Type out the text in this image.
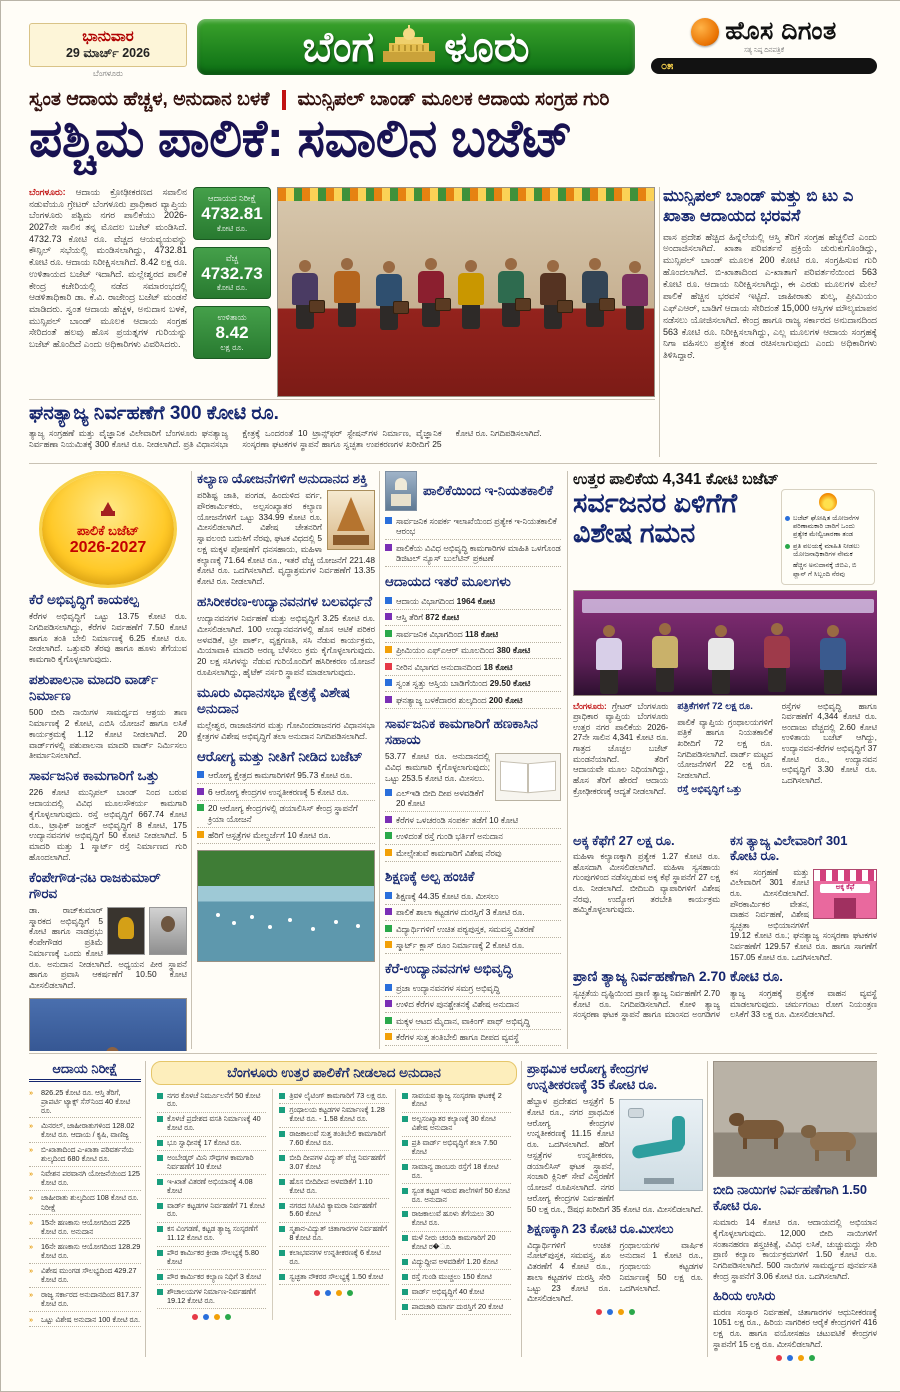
ಭಾನುವಾರ
29 ಮಾರ್ಚ್ 2026
ಬೆಂಗಳೂರು
ಬೆಂಗ ಳೂರು	ಹೊಸ ದಿಗಂತ
ಸತ್ಯ ನಿಷ್ಠ ದಿನಪತ್ರಿಕೆ
೦೫
ಸ್ವಂತ ಆದಾಯ ಹೆಚ್ಚಳ, ಅನುದಾನ ಬಳಕೆ ಮುನ್ಸಿಪಲ್ ಬಾಂಡ್ ಮೂಲಕ ಆದಾಯ ಸಂಗ್ರಹ ಗುರಿ
ಪಶ್ಚಿಮ ಪಾಲಿಕೆ: ಸವಾಲಿನ ಬಜೆಟ್
ಬೆಂಗಳೂರು: ಆದಾಯ ಕ್ರೋಢೀಕರಣದ ಸವಾಲಿನ ನಡುವೆಯೂ ಗ್ರೇಟರ್ ಬೆಂಗಳೂರು ಪ್ರಾಧಿಕಾರ ವ್ಯಾಪ್ತಿಯ ಬೆಂಗಳೂರು ಪಶ್ಚಿಮ ನಗರ ಪಾಲಿಕೆಯು 2026-2027ನೇ ಸಾಲಿನ ತನ್ನ ಮೊದಲ ಬಜೆಟ್ ಮಂಡಿಸಿದೆ. 4732.73 ಕೋಟಿ ರೂ. ವೆಚ್ಚದ ಆಯವ್ಯಯವನ್ನು ಕೌನ್ಸಿಲ್ ಸಭೆಯಲ್ಲಿ ಮಂಡಿಸಲಾಗಿದ್ದು, 4732.81 ಕೋಟಿ ರೂ. ಆದಾಯ ನಿರೀಕ್ಷಿಸಲಾಗಿದೆ. 8.42 ಲಕ್ಷ ರೂ. ಉಳಿತಾಯದ ಬಜೆಟ್ ಇದಾಗಿದೆ. ಮಲ್ಲೇಶ್ವರದ ಪಾಲಿಕೆ ಕೇಂದ್ರ ಕಚೇರಿಯಲ್ಲಿ ನಡೆದ ಸಮಾರಂಭದಲ್ಲಿ ಆಡಳಿತಾಧಿಕಾರಿ ಡಾ. ಕೆ.ವಿ. ರಾಜೇಂದ್ರ ಬಜೆಟ್ ಮಂಡನೆ ಮಾಡಿದರು. ಸ್ವಂತ ಆದಾಯ ಹೆಚ್ಚಳ, ಅನುದಾನ ಬಳಕೆ, ಮುನ್ಸಿಪಲ್ ಬಾಂಡ್ ಮೂಲಕ ಆದಾಯ ಸಂಗ್ರಹ ಸೇರಿದಂತೆ ಹಲವು ಹೊಸ ಪ್ರಯತ್ನಗಳ ಗುರಿಯನ್ನು ಬಜೆಟ್ ಹೊಂದಿದೆ ಎಂದು ಅಧಿಕಾರಿಗಳು ವಿವರಿಸಿದರು.
ಆದಾಯದ ನಿರೀಕ್ಷೆ
4732.81
ಕೋಟಿ ರೂ.
ವೆಚ್ಚ
4732.73
ಕೋಟಿ ರೂ.
ಉಳಿತಾಯ
8.42
ಲಕ್ಷ ರೂ.
ಮುನ್ಸಿಪಲ್ ಬಾಂಡ್ ಮತ್ತು ಬಿ ಟು ಎ ಖಾತಾ ಆದಾಯದ ಭರವಸೆ
ವಾಸ ಪ್ರದೇಶ ಹೆಚ್ಚಿದ ಹಿನ್ನೆಲೆಯಲ್ಲಿ ಆಸ್ತಿ ತೆರಿಗೆ ಸಂಗ್ರಹ ಹೆಚ್ಚಲಿದೆ ಎಂದು ಅಂದಾಜಿಸಲಾಗಿದೆ. ಖಾತಾ ಪರಿವರ್ತನೆ ಪ್ರಕ್ರಿಯೆ ಚುರುಕುಗೊಂಡಿದ್ದು, ಮುನ್ಸಿಪಲ್ ಬಾಂಡ್ ಮೂಲಕ 200 ಕೋಟಿ ರೂ. ಸಂಗ್ರಹಿಸುವ ಗುರಿ ಹೊಂದಲಾಗಿದೆ. ಬಿ-ಖಾತಾದಿಂದ ಎ-ಖಾತಾಗೆ ಪರಿವರ್ತನೆಯಿಂದ 563 ಕೋಟಿ ರೂ. ಆದಾಯ ನಿರೀಕ್ಷಿಸಲಾಗಿದ್ದು, ಈ ಎರಡು ಮೂಲಗಳ ಮೇಲೆ ಪಾಲಿಕೆ ಹೆಚ್ಚಿನ ಭರವಸೆ ಇಟ್ಟಿದೆ. ಜಾಹೀರಾತು ಶುಲ್ಕ, ಪ್ರೀಮಿಯಂ ಎಫ್‌ಎಆರ್, ಬಾಡಿಗೆ ಆದಾಯ ಸೇರಿದಂತೆ 15,000 ಆಸ್ತಿಗಳ ಮೌಲ್ಯಮಾಪನ ನಡೆಸಲು ಯೋಜಿಸಲಾಗಿದೆ. ಕೇಂದ್ರ ಹಾಗೂ ರಾಜ್ಯ ಸರ್ಕಾರದ ಅನುದಾನದಿಂದ 563 ಕೋಟಿ ರೂ. ನಿರೀಕ್ಷಿಸಲಾಗಿದ್ದು, ಎಲ್ಲ ಮೂಲಗಳ ಆದಾಯ ಸಂಗ್ರಹಕ್ಕೆ ನಿಗಾ ವಹಿಸಲು ಪ್ರತ್ಯೇಕ ತಂಡ ರಚಿಸಲಾಗುವುದು ಎಂದು ಅಧಿಕಾರಿಗಳು ತಿಳಿಸಿದ್ದಾರೆ.
ಘನತ್ಯಾಜ್ಯ ನಿರ್ವಹಣೆಗೆ 300 ಕೋಟಿ ರೂ.
ತ್ಯಾಜ್ಯ ಸಂಗ್ರಹಣೆ ಮತ್ತು ವೈಜ್ಞಾನಿಕ ವಿಲೇವಾರಿಗೆ ಬೆಂಗಳೂರು ಘನತ್ಯಾಜ್ಯ ನಿರ್ವಹಣಾ ನಿಯಮಿತಕ್ಕೆ 300 ಕೋಟಿ ರೂ. ನೀಡಲಾಗಿದೆ. ಪ್ರತಿ ವಿಧಾನಸಭಾ ಕ್ಷೇತ್ರಕ್ಕೆ ಒಂದರಂತೆ 10 ಟ್ರಾನ್ಸ್‌ಫರ್ ಸ್ಟೇಷನ್‌ಗಳ ನಿರ್ಮಾಣ, ವೈಜ್ಞಾನಿಕ ಸಂಸ್ಕರಣಾ ಘಟಕಗಳ ಸ್ಥಾಪನೆ ಹಾಗೂ ಸ್ವಚ್ಛತಾ ಉಪಕರಣಗಳ ಖರೀದಿಗೆ 25 ಕೋಟಿ ರೂ. ನಿಗದಿಪಡಿಸಲಾಗಿದೆ.
ಪಾಲಿಕೆ ಬಜೆಟ್
2026-2027
ಕೆರೆ ಅಭಿವೃದ್ಧಿಗೆ ಕಾಯಕಲ್ಪ
ಕೆರೆಗಳ ಅಭಿವೃದ್ಧಿಗೆ ಒಟ್ಟು 13.75 ಕೋಟಿ ರೂ. ನಿಗದಿಪಡಿಸಲಾಗಿದ್ದು, ಕೆರೆಗಳ ನಿರ್ವಹಣೆಗೆ 7.50 ಕೋಟಿ ಹಾಗೂ ತಂತಿ ಬೇಲಿ ನಿರ್ಮಾಣಕ್ಕೆ 6.25 ಕೋಟಿ ರೂ. ನೀಡಲಾಗಿದೆ. ಒತ್ತುವರಿ ತೆರವು ಹಾಗೂ ಹೂಳು ತೆಗೆಯುವ ಕಾಮಗಾರಿ ಕೈಗೊಳ್ಳಲಾಗುವುದು.
ಪಶುಪಾಲನಾ ಮಾದರಿ ವಾರ್ಡ್ ನಿರ್ಮಾಣ
500 ಬೀದಿ ನಾಯಿಗಳ ಸಾಮರ್ಥ್ಯದ ಆಶ್ರಯ ತಾಣ ನಿರ್ಮಾಣಕ್ಕೆ 2 ಕೋಟಿ, ಎಬಿಸಿ ಯೋಜನೆ ಹಾಗೂ ಲಸಿಕೆ ಕಾರ್ಯಕ್ರಮಕ್ಕೆ 1.12 ಕೋಟಿ ನೀಡಲಾಗಿದೆ. 20 ವಾರ್ಡ್‌ಗಳಲ್ಲಿ ಪಶುಪಾಲನಾ ಮಾದರಿ ವಾರ್ಡ್ ನಿರ್ಮಿಸಲು ತೀರ್ಮಾನಿಸಲಾಗಿದೆ.
ಸಾರ್ವಜನಿಕ ಕಾಮಗಾರಿಗೆ ಒತ್ತು
226 ಕೋಟಿ ಮುನ್ಸಿಪಲ್ ಬಾಂಡ್ ನಿಂದ ಬರುವ ಆದಾಯದಲ್ಲಿ ವಿವಿಧ ಮೂಲಸೌಕರ್ಯ ಕಾಮಗಾರಿ ಕೈಗೊಳ್ಳಲಾಗುವುದು. ರಸ್ತೆ ಅಭಿವೃದ್ಧಿಗೆ 667.74 ಕೋಟಿ ರೂ., ಟ್ರಾಫಿಕ್ ಜಂಕ್ಷನ್ ಅಭಿವೃದ್ಧಿಗೆ 8 ಕೋಟಿ, 175 ಉದ್ಯಾನವನಗಳ ಅಭಿವೃದ್ಧಿಗೆ 50 ಕೋಟಿ ನೀಡಲಾಗಿದೆ. 5 ಮಾದರಿ ಮತ್ತು 1 ಸ್ಮಾರ್ಟ್ ರಸ್ತೆ ನಿರ್ಮಾಣದ ಗುರಿ ಹೊಂದಲಾಗಿದೆ.
ಕೆಂಪೇಗೌಡ-ನಟ ರಾಜಕುಮಾರ್ ಗೌರವ
ಡಾ. ರಾಜ್‌ಕುಮಾರ್ ಸ್ಮಾರಕದ ಅಭಿವೃದ್ಧಿಗೆ 5 ಕೋಟಿ ಹಾಗೂ ನಾಡಪ್ರಭು ಕೆಂಪೇಗೌಡರ ಪ್ರತಿಮೆ ನಿರ್ಮಾಣಕ್ಕೆ ಒಂದು ಕೋಟಿ ರೂ. ಅನುದಾನ ನೀಡಲಾಗಿದೆ. ಅಧ್ಯಯನ ಪೀಠ ಸ್ಥಾಪನೆ ಹಾಗೂ ಪ್ರವಾಸಿ ಆಕರ್ಷಣೆಗೆ 10.50 ಕೋಟಿ ಮೀಸಲಿಡಲಾಗಿದೆ.
ಕಲ್ಯಾಣ ಯೋಜನೆಗಳಿಗೆ ಅನುದಾನದ ಶಕ್ತಿ
ಪರಿಶಿಷ್ಟ ಜಾತಿ, ಪಂಗಡ, ಹಿಂದುಳಿದ ವರ್ಗ, ಪೌರಕಾರ್ಮಿಕರು, ಅಲ್ಪಸಂಖ್ಯಾತರ ಕಲ್ಯಾಣ ಯೋಜನೆಗಳಿಗೆ ಒಟ್ಟು 334.99 ಕೋಟಿ ರೂ. ಮೀಸಲಿಡಲಾಗಿದೆ. ವಿಶೇಷ ಚೇತನರಿಗೆ ಸ್ವಾವಲಂಬಿ ಬದುಕಿಗೆ ನೆರವು, ಘಟಕ ವಿಧದಲ್ಲಿ 5 ಲಕ್ಷ ಮಕ್ಕಳ ಪೋಷಣೆಗೆ ಧನಸಹಾಯ, ಮಹಿಳಾ ಕಲ್ಯಾಣಕ್ಕೆ 71.64 ಕೋಟಿ ರೂ., ಇತರೆ ವೆಚ್ಚ ಯೋಜನೆಗೆ 221.48 ಕೋಟಿ ರೂ. ಒದಗಿಸಲಾಗಿದೆ. ವೃದ್ಧಾಶ್ರಮಗಳ ನಿರ್ವಹಣೆಗೆ 13.35 ಕೋಟಿ ರೂ. ನೀಡಲಾಗಿದೆ.
ಹಸಿರೀಕರಣ-ಉದ್ಯಾನವನಗಳ ಬಲವರ್ಧನೆ
ಉದ್ಯಾನವನಗಳ ನಿರ್ವಹಣೆ ಮತ್ತು ಅಭಿವೃದ್ಧಿಗೆ 3.25 ಕೋಟಿ ರೂ. ಮೀಸಲಿಡಲಾಗಿದೆ. 100 ಉದ್ಯಾನವನಗಳಲ್ಲಿ ಹೊಸ ಆಟಿಕೆ ಪರಿಕರ ಅಳವಡಿಕೆ, ಟ್ರೀ ಪಾರ್ಕ್, ವೃಕ್ಷಗಣತಿ, ಸಸಿ ನೆಡುವ ಕಾರ್ಯಕ್ರಮ, ಮಿಯಾವಾಕಿ ಮಾದರಿ ಅರಣ್ಯ ಬೆಳೆಸಲು ಕ್ರಮ ಕೈಗೊಳ್ಳಲಾಗುವುದು. 20 ಲಕ್ಷ ಸಸಿಗಳನ್ನು ನೆಡುವ ಗುರಿಯೊಂದಿಗೆ ಹಸಿರೀಕರಣ ಯೋಜನೆ ರೂಪಿಸಲಾಗಿದ್ದು, ಹೈಟೆಕ್ ನರ್ಸರಿ ಸ್ಥಾಪನೆ ಮಾಡಲಾಗುವುದು.
ಮೂರು ವಿಧಾನಸಭಾ ಕ್ಷೇತ್ರಕ್ಕೆ ವಿಶೇಷ ಅನುದಾನ
ಮಲ್ಲೇಶ್ವರ, ರಾಜಾಜಿನಗರ ಮತ್ತು ಗೋವಿಂದರಾಜನಗರ ವಿಧಾನಸಭಾ ಕ್ಷೇತ್ರಗಳ ವಿಶೇಷ ಅಭಿವೃದ್ಧಿಗೆ ತಲಾ ಅನುದಾನ ನಿಗದಿಪಡಿಸಲಾಗಿದೆ.
ಆರೋಗ್ಯ ಮತ್ತು ನೀತಿಗೆ ನೀಡಿದ ಬಜೆಟ್
ಆರೋಗ್ಯ ಕ್ಷೇತ್ರದ ಕಾಮಗಾರಿಗಳಿಗೆ 95.73 ಕೋಟಿ ರೂ.
6 ಆರೋಗ್ಯ ಕೇಂದ್ರಗಳ ಉನ್ನತೀಕರಣಕ್ಕೆ 5 ಕೋಟಿ ರೂ.
20 ಆರೋಗ್ಯ ಕೇಂದ್ರಗಳಲ್ಲಿ ಡಯಾಲಿಸಿಸ್ ಕೇಂದ್ರ ಸ್ಥಾಪನೆಗೆ ಕ್ರಿಯಾ ಯೋಜನೆ
ಹೆರಿಗೆ ಆಸ್ಪತ್ರೆಗಳ ಮೇಲ್ದರ್ಜೆಗೆ 10 ಕೋಟಿ ರೂ.
ಪಾಲಿಕೆಯಿಂದ ಇ-ನಿಯತಕಾಲಿಕೆ
ಸಾರ್ವಜನಿಕ ಸಂಪರ್ಕ ಇಲಾಖೆಯಿಂದ ಪ್ರತ್ಯೇಕ ಇ-ನಿಯತಕಾಲಿಕೆ ಆರಂಭ
ಪಾಲಿಕೆಯ ವಿವಿಧ ಅಭಿವೃದ್ಧಿ ಕಾಮಗಾರಿಗಳ ಮಾಹಿತಿ ಒಳಗೊಂಡ ಡಿಜಿಟಲ್ ನ್ಯೂಸ್ ಬುಲೆಟಿನ್ ಪ್ರಕಟಣೆ
ಆದಾಯದ ಇತರೆ ಮೂಲಗಳು
ಆದಾಯ ವಿಭಾಗದಿಂದ 1964 ಕೋಟಿ
ಆಸ್ತಿ ತೆರಿಗೆ 872 ಕೋಟಿ
ಸಾರ್ವಜನಿಕ ವಿಭಾಗದಿಂದ 118 ಕೋಟಿ
ಪ್ರೀಮಿಯಂ ಎಫ್‌ಎಆರ್ ಮೂಲದಿಂದ 380 ಕೋಟಿ
ನೀರಿನ ವಿಭಾಗದ ಅನುದಾನದಿಂದ 18 ಕೋಟಿ
ಸ್ವಂತ ಸ್ವತ್ತು ಆಸ್ತಿಯ ಬಾಡಿಗೆಯಿಂದ 29.50 ಕೋಟಿ
ಘನತ್ಯಾಜ್ಯ ಬಳಕೆದಾರರ ಶುಲ್ಕದಿಂದ 200 ಕೋಟಿ
ಸಾರ್ವಜನಿಕ ಕಾಮಗಾರಿಗೆ ಹಣಕಾಸಿನ ಸಹಾಯ
53.77 ಕೋಟಿ ರೂ. ಅನುದಾನದಲ್ಲಿ ವಿವಿಧ ಕಾಮಗಾರಿ ಕೈಗೊಳ್ಳಲಾಗುವುದು; ಒಟ್ಟು 253.5 ಕೋಟಿ ರೂ. ಮೀಸಲು.
ಎಲ್‌ಇಡಿ ಬೀದಿ ದೀಪ ಅಳವಡಿಕೆಗೆ 20 ಕೋಟಿ
ಕೆರೆಗಳ ಒಳಚರಂಡಿ ಸಂಪರ್ಕ ತಡೆಗೆ 10 ಕೋಟಿ
ಉಳಿದಂತೆ ರಸ್ತೆ ಗುಂಡಿ ಭರ್ತಿಗೆ ಅನುದಾನ
ಮೇಲ್ಸೇತುವೆ ಕಾಮಗಾರಿಗೆ ವಿಶೇಷ ನೆರವು
ಶಿಕ್ಷಣಕ್ಕೆ ಅಲ್ಪ ಹಂಚಿಕೆ
ಶಿಕ್ಷಣಕ್ಕೆ 44.35 ಕೋಟಿ ರೂ. ಮೀಸಲು
ಪಾಲಿಕೆ ಶಾಲಾ ಕಟ್ಟಡಗಳ ದುರಸ್ತಿಗೆ 3 ಕೋಟಿ ರೂ.
ವಿದ್ಯಾರ್ಥಿಗಳಿಗೆ ಉಚಿತ ಪಠ್ಯಪುಸ್ತಕ, ಸಮವಸ್ತ್ರ ವಿತರಣೆ
ಸ್ಮಾರ್ಟ್ ಕ್ಲಾಸ್ ರೂಂ ನಿರ್ಮಾಣಕ್ಕೆ 2 ಕೋಟಿ ರೂ.
ಕೆರೆ-ಉದ್ಯಾನವನಗಳ ಅಭಿವೃದ್ಧಿ
ಪ್ರಜಾ ಉದ್ಯಾನವನಗಳ ಸಮಗ್ರ ಅಭಿವೃದ್ಧಿ
ಉಳಿದ ಕೆರೆಗಳ ಪುನಶ್ಚೇತನಕ್ಕೆ ವಿಶೇಷ ಅನುದಾನ
ಮಕ್ಕಳ ಆಟದ ಮೈದಾನ, ವಾಕಿಂಗ್ ಪಾಥ್ ಅಭಿವೃದ್ಧಿ
ಕೆರೆಗಳ ಸುತ್ತ ತಂತಿಬೇಲಿ ಹಾಗೂ ದೀಪದ ವ್ಯವಸ್ಥೆ
ಉತ್ತರ ಪಾಲಿಕೆಯ 4,341 ಕೋಟಿ ಬಜೆಟ್
ಸರ್ವಜನರ ಏಳಿಗೆಗೆ ವಿಶೇಷ ಗಮನ	ಬಜೆಟ್ ಘೋಷಿತ ಯೋಜನೆಗಳ ಪರಿಣಾಮಕಾರಿ ಜಾರಿಗೆ ಒಂದು ಪ್ರತ್ಯೇಕ ಮೇಲ್ವಿಚಾರಣಾ ತಂಡ
ಪ್ರತಿ ವಲಯಕ್ಕೆ ಮಾಹಿತಿ ನೀಡಲು ಯೋಜನಾಧಿಕಾರಿಗಳ ನೇಮಕ
ಹೆಚ್ಚಿನ ಅನುದಾನಕ್ಕೆ ಜಿಬಿಎ, ಬಿ ಪ್ಲಾನ್ ಗೆ ಸಿಬ್ಬಂದಿ ನೆರವು

ಬೆಂಗಳೂರು: ಗ್ರೇಟರ್ ಬೆಂಗಳೂರು ಪ್ರಾಧಿಕಾರ ವ್ಯಾಪ್ತಿಯ ಬೆಂಗಳೂರು ಉತ್ತರ ನಗರ ಪಾಲಿಕೆಯ 2026-27ನೇ ಸಾಲಿನ 4,341 ಕೋಟಿ ರೂ. ಗಾತ್ರದ ಚೊಚ್ಚಲ ಬಜೆಟ್ ಮಂಡನೆಯಾಗಿದೆ. ತೆರಿಗೆ ಆದಾಯವೇ ಮೂಲ ನಿಧಿಯಾಗಿದ್ದು, ಹೊಸ ತೆರಿಗೆ ಹೇರದೆ ಆದಾಯ ಕ್ರೋಢೀಕರಣಕ್ಕೆ ಆದ್ಯತೆ ನೀಡಲಾಗಿದೆ.

ಪತ್ರಿಕೆಗಳಿಗೆ 72 ಲಕ್ಷ ರೂ.

ಪಾಲಿಕೆ ವ್ಯಾಪ್ತಿಯ ಗ್ರಂಥಾಲಯಗಳಿಗೆ ಪತ್ರಿಕೆ ಹಾಗೂ ನಿಯತಕಾಲಿಕೆ ಖರೀದಿಗೆ 72 ಲಕ್ಷ ರೂ. ನಿಗದಿಪಡಿಸಲಾಗಿದೆ. ವಾರ್ಡ್ ಮಟ್ಟದ ಯೋಜನೆಗಳಿಗೆ 22 ಲಕ್ಷ ರೂ. ನೀಡಲಾಗಿದೆ.

ರಸ್ತೆ ಅಭಿವೃದ್ಧಿಗೆ ಒತ್ತು

ರಸ್ತೆಗಳ ಅಭಿವೃದ್ಧಿ ಹಾಗೂ ನಿರ್ವಹಣೆಗೆ 4,344 ಕೋಟಿ ರೂ. ಅಂದಾಜು ವೆಚ್ಚದಲ್ಲಿ 2.60 ಕೋಟಿ ಉಳಿತಾಯ ಬಜೆಟ್ ಆಗಿದ್ದು, ಉದ್ಯಾನವನ-ಕೆರೆಗಳ ಅಭಿವೃದ್ಧಿಗೆ 37 ಕೋಟಿ ರೂ., ಉದ್ಯಾನವನ ಅಭಿವೃದ್ಧಿಗೆ 3.30 ಕೋಟಿ ರೂ. ಒದಗಿಸಲಾಗಿದೆ.

ಅಕ್ಕ ಕೆಫೆಗೆ 27 ಲಕ್ಷ ರೂ.
ಮಹಿಳಾ ಕಲ್ಯಾಣಕ್ಕಾಗಿ ಪ್ರತ್ಯೇಕ 1.27 ಕೋಟಿ ರೂ. ಹೊಸದಾಗಿ ಮೀಸಲಿಡಲಾಗಿದೆ. ಮಹಿಳಾ ಸ್ವಸಹಾಯ ಗುಂಪುಗಳಿಂದ ನಡೆಸಲ್ಪಡುವ ಅಕ್ಕ ಕೆಫೆ ಸ್ಥಾಪನೆಗೆ 27 ಲಕ್ಷ ರೂ. ನೀಡಲಾಗಿದೆ. ಬೀದಿಬದಿ ವ್ಯಾಪಾರಿಗಳಿಗೆ ವಿಶೇಷ ನೆರವು, ಉದ್ಯೋಗ ತರಬೇತಿ ಕಾರ್ಯಕ್ರಮ ಹಮ್ಮಿಕೊಳ್ಳಲಾಗುವುದು.
ಕಸ ತ್ಯಾಜ್ಯ ವಿಲೇವಾರಿಗೆ 301 ಕೋಟಿ ರೂ.
ಅಕ್ಕ ಕೆಫೆ
ಕಸ ಸಂಗ್ರಹಣೆ ಮತ್ತು ವಿಲೇವಾರಿಗೆ 301 ಕೋಟಿ ರೂ. ಮೀಸಲಿಡಲಾಗಿದೆ. ಪೌರಕಾರ್ಮಿಕರ ವೇತನ, ವಾಹನ ನಿರ್ವಹಣೆ, ವಿಶೇಷ ಸ್ವಚ್ಛತಾ ಅಭಿಯಾನಗಳಿಗೆ 19.12 ಕೋಟಿ ರೂ.; ಘನತ್ಯಾಜ್ಯ ಸಂಸ್ಕರಣಾ ಘಟಕಗಳ ನಿರ್ವಹಣೆಗೆ 129.57 ಕೋಟಿ ರೂ. ಹಾಗೂ ಸಾಗಣೆಗೆ 157.05 ಕೋಟಿ ರೂ. ಒದಗಿಸಲಾಗಿದೆ.
ಪ್ರಾಣಿ ತ್ಯಾಜ್ಯ ನಿರ್ವಹಣೆಗಾಗಿ 2.70 ಕೋಟಿ ರೂ.
ಸ್ವಚ್ಛತೆಯ ದೃಷ್ಟಿಯಿಂದ ಪ್ರಾಣಿ ತ್ಯಾಜ್ಯ ನಿರ್ವಹಣೆಗೆ 2.70 ಕೋಟಿ ರೂ. ನಿಗದಿಪಡಿಸಲಾಗಿದೆ. ಕೋಳಿ ತ್ಯಾಜ್ಯ ಸಂಸ್ಕರಣಾ ಘಟಕ ಸ್ಥಾಪನೆ ಹಾಗೂ ಮಾಂಸದ ಅಂಗಡಿಗಳ ತ್ಯಾಜ್ಯ ಸಂಗ್ರಹಕ್ಕೆ ಪ್ರತ್ಯೇಕ ವಾಹನ ವ್ಯವಸ್ಥೆ ಮಾಡಲಾಗುವುದು. ಚರ್ಮಗಂಟು ರೋಗ ನಿಯಂತ್ರಣ ಲಸಿಕೆಗೆ 33 ಲಕ್ಷ ರೂ. ಮೀಸಲಿಡಲಾಗಿದೆ.
ಆದಾಯ ನಿರೀಕ್ಷೆ
»	826.25 ಕೋಟಿ ರೂ. ಆಸ್ತಿ ತೆರಿಗೆ, ಪ್ರಾಪರ್ಟಿ ಟ್ಯಾಕ್ಸ್ ಸೆಸ್‌ನಿಂದ 40 ಕೋಟಿ ರೂ.
»	ಮಿನರಲ್, ಜಾಹೀರಾತುಗಳಿಂದ 128.02 ಕೋಟಿ ರೂ. ಆದಾಯ / ಕೃಷಿ, ವಾಣಿಜ್ಯ
»	ಬಿ-ಖಾತಾದಿಂದ ಎ-ಖಾತಾ ಪರಿವರ್ತನೆಯ ಶುಲ್ಕದಿಂದ 680 ಕೋಟಿ ರೂ.
»	ನಿವೇಶನ ಪರವಾನಗಿ ಯೋಜನೆಯಿಂದ 125 ಕೋಟಿ ರೂ.
»	ಜಾಹೀರಾತು ಶುಲ್ಕದಿಂದ 108 ಕೋಟಿ ರೂ. ನಿರೀಕ್ಷೆ
»	15ನೇ ಹಣಕಾಸು ಆಯೋಗದಿಂದ 225 ಕೋಟಿ ರೂ. ಅನುದಾನ
»	16ನೇ ಹಣಕಾಸು ಆಯೋಗದಿಂದ 128.29 ಕೋಟಿ ರೂ.
»	ವಿಶೇಷ ಮುಂಗಡ ಸೌಲಭ್ಯದಿಂದ 429.27 ಕೋಟಿ ರೂ.
»	ರಾಜ್ಯ ಸರ್ಕಾರದ ಅನುದಾನದಿಂದ 817.37 ಕೋಟಿ ರೂ.
»	ಒಟ್ಟು ವಿಶೇಷ ಅನುದಾನ 100 ಕೋಟಿ ರೂ.
ಬೆಂಗಳೂರು ಉತ್ತರ ಪಾಲಿಕೆಗೆ ನೀಡಲಾದ ಅನುದಾನ
ನಗರ ಕೊಳಚೆ ನಿರ್ಮೂಲನೆಗೆ 50 ಕೋಟಿ ರೂ.
ಕೊಳಚೆ ಪ್ರದೇಶದ ವಸತಿ ನಿರ್ಮಾಣಕ್ಕೆ 40 ಕೋಟಿ ರೂ.
ಭೂ ಸ್ವಾಧೀನಕ್ಕೆ 17 ಕೋಟಿ ರೂ.
ಅಂಬೇಡ್ಕರ್ ಮಿನಿ ಸೌಧಗಳ ಕಾಮಗಾರಿ ನಿರ್ವಹಣೆಗೆ 10 ಕೋಟಿ
ಇ-ಖಾತೆ ವಿತರಣೆ ಅಭಿಯಾನಕ್ಕೆ 4.08 ಕೋಟಿ
ವಾರ್ಡ್ ಕಟ್ಟಡಗಳ ನಿರ್ವಹಣೆಗೆ 71 ಕೋಟಿ ರೂ.
ಕಸ ವಿಂಗಡಣೆ, ಕಟ್ಟಡ ತ್ಯಾಜ್ಯ ಸಂಸ್ಕರಣೆಗೆ 11.12 ಕೋಟಿ ರೂ.
ಪೌರ ಕಾರ್ಮಿಕರ ಕ್ರೀಡಾ ಸೌಲಭ್ಯಕ್ಕೆ 5.80 ಕೋಟಿ
ಪೌರ ಕಾರ್ಮಿಕರ ಕಲ್ಯಾಣ ನಿಧಿಗೆ 3 ಕೋಟಿ
ಶೌಚಾಲಯಗಳ ನಿರ್ಮಾಣ-ನಿರ್ವಹಣೆಗೆ 19.12 ಕೋಟಿ ರೂ.
ತ್ರಿವಳಿ ಲೈಟಿಂಗ್ ಕಾಮಗಾರಿಗೆ 73 ಲಕ್ಷ ರೂ.
ಗ್ರಂಥಾಲಯ ಕಟ್ಟಡಗಳ ನಿರ್ಮಾಣಕ್ಕೆ 1.28 ಕೋಟಿ ರೂ. - 1.58 ಕೋಟಿ ರೂ.
ರಾಜಕಾಲುವೆ ಸುತ್ತ ತಂತಿಬೇಲಿ ಕಾಮಗಾರಿಗೆ 7.60 ಕೋಟಿ ರೂ.
ಬೀದಿ ದೀಪಗಳ ವಿದ್ಯುತ್ ವೆಚ್ಚ ನಿರ್ವಹಣೆಗೆ 3.07 ಕೋಟಿ
ಹೊಸ ಬೀದಿದೀಪ ಅಳವಡಿಕೆಗೆ 1.10 ಕೋಟಿ ರೂ.
ನಗರದ ಸಿಸಿಟಿವಿ ಕ್ಯಾಮರಾ ನಿರ್ವಹಣೆಗೆ 5.60 ಕೋಟಿ
ಸ್ಮಶಾನ-ವಿದ್ಯುತ್ ಚಿತಾಗಾರಗಳ ನಿರ್ವಹಣೆಗೆ 8 ಕೋಟಿ ರೂ.
ಕಲಾಭವನಗಳ ಉನ್ನತೀಕರಣಕ್ಕೆ 6 ಕೋಟಿ ರೂ.
ಸ್ವಚ್ಛತಾ ನೌಕರರ ಸೌಲಭ್ಯಕ್ಕೆ 1.50 ಕೋಟಿ
ಸಾವಯವ ತ್ಯಾಜ್ಯ ಸಂಸ್ಕರಣಾ ಘಟಕಕ್ಕೆ 2 ಕೋಟಿ
ಅಲ್ಪಸಂಖ್ಯಾತರ ಕಲ್ಯಾಣಕ್ಕೆ 30 ಕೋಟಿ ವಿಶೇಷ ಅನುದಾನ
ಪ್ರತಿ ವಾರ್ಡ್ ಅಭಿವೃದ್ಧಿಗೆ ತಲಾ 7.50 ಕೋಟಿ
ಸಾಮಾನ್ಯ ಡಾಂಬರು ರಸ್ತೆಗೆ 18 ಕೋಟಿ ರೂ.
ಸ್ವಂತ ಕಟ್ಟಡ ಇರುವ ಶಾಲೆಗಳಿಗೆ 50 ಕೋಟಿ ರೂ. ಅನುದಾನ
ರಾಜಕಾಲುವೆ ಹೂಳು ತೆಗೆಯಲು 30 ಕೋಟಿ ರೂ.
ಮಳೆ ನೀರು ಚರಂಡಿ ಕಾಮಗಾರಿಗೆ 20 ಕೋಟಿ ರ�ೂ.
ವಿದ್ಯುದ್ದೀಪ ಅಳವಡಿಕೆಗೆ 1.20 ಕೋಟಿ
ರಸ್ತೆ ಗುಂಡಿ ಮುಚ್ಚಲು 150 ಕೋಟಿ
ವಾರ್ಡ್ ಅಭಿವೃದ್ಧಿಗೆ 40 ಕೋಟಿ
ಪಾದಚಾರಿ ಮಾರ್ಗ ದುರಸ್ತಿಗೆ 20 ಕೋಟಿ
ಪ್ರಾಥಮಿಕ ಆರೋಗ್ಯ ಕೇಂದ್ರಗಳ ಉನ್ನತೀಕರಣಕ್ಕೆ 35 ಕೋಟಿ ರೂ.
ಹೆಬ್ಬಾಳ ಪ್ರದೇಶದ ಆಸ್ಪತ್ರೆಗೆ 5 ಕೋಟಿ ರೂ., ನಗರ ಪ್ರಾಥಮಿಕ ಆರೋಗ್ಯ ಕೇಂದ್ರಗಳ ಉನ್ನತೀಕರಣಕ್ಕೆ 11.15 ಕೋಟಿ ರೂ. ಒದಗಿಸಲಾಗಿದೆ. ಹೆರಿಗೆ ಆಸ್ಪತ್ರೆಗಳ ಉನ್ನತೀಕರಣ, ಡಯಾಲಿಸಿಸ್ ಘಟಕ ಸ್ಥಾಪನೆ, ಸಂಚಾರಿ ಕ್ಲಿನಿಕ್ ಸೇವೆ ವಿಸ್ತರಣೆಗೆ ಯೋಜನೆ ರೂಪಿಸಲಾಗಿದೆ. ನಗರ ಆರೋಗ್ಯ ಕೇಂದ್ರಗಳ ನಿರ್ವಹಣೆಗೆ 50 ಲಕ್ಷ ರೂ., ಔಷಧ ಖರೀದಿಗೆ 35 ಕೋಟಿ ರೂ. ಮೀಸಲಿಡಲಾಗಿದೆ.
ಶಿಕ್ಷಣಕ್ಕಾಗಿ 23 ಕೋಟಿ ರೂ.ಮೀಸಲು
ವಿದ್ಯಾರ್ಥಿಗಳಿಗೆ ಉಚಿತ ನೋಟ್‌ಪುಸ್ತಕ, ಸಮವಸ್ತ್ರ, ಶೂ ವಿತರಣೆಗೆ 4 ಕೋಟಿ ರೂ., ಶಾಲಾ ಕಟ್ಟಡಗಳ ದುರಸ್ತಿ ಸೇರಿ ಒಟ್ಟು 23 ಕೋಟಿ ರೂ. ಮೀಸಲಿಡಲಾಗಿದೆ. ಗ್ರಂಥಾಲಯಗಳ ವಾರ್ಷಿಕ ಅನುದಾನ 1 ಕೋಟಿ ರೂ., ಗ್ರಂಥಾಲಯ ಕಟ್ಟಡಗಳ ನಿರ್ಮಾಣಕ್ಕೆ 50 ಲಕ್ಷ ರೂ. ಒದಗಿಸಲಾಗಿದೆ.
ಬೀದಿ ನಾಯಿಗಳ ನಿರ್ವಹಣೆಗಾಗಿ 1.50 ಕೋಟಿ ರೂ.
ಸುಮಾರು 14 ಕೋಟಿ ರೂ. ಆದಾಯದಲ್ಲಿ ಅಭಿಯಾನ ಕೈಗೊಳ್ಳಲಾಗುವುದು. 12,000 ಬೀದಿ ನಾಯಿಗಳಿಗೆ ಸಂತಾನಹರಣ ಶಸ್ತ್ರಚಿಕಿತ್ಸೆ, ವಿವಿಧ ಲಸಿಕೆ, ಚುಚ್ಚುಮದ್ದು ಸೇರಿ ಪ್ರಾಣಿ ಕಲ್ಯಾಣ ಕಾರ್ಯಕ್ರಮಗಳಿಗೆ 1.50 ಕೋಟಿ ರೂ. ನಿಗದಿಪಡಿಸಲಾಗಿದೆ. 500 ನಾಯಿಗಳ ಸಾಮರ್ಥ್ಯದ ಪುನರ್ವಸತಿ ಕೇಂದ್ರ ಸ್ಥಾಪನೆಗೆ 3.06 ಕೋಟಿ ರೂ. ಒದಗಿಸಲಾಗಿದೆ.
ಹಿರಿಯ ಉಸಿರು
ಮರಣ ಸಂಸ್ಕಾರ ನಿರ್ವಹಣೆ, ಚಿತಾಗಾರಗಳ ಆಧುನೀಕರಣಕ್ಕೆ 1051 ಲಕ್ಷ ರೂ., ಹಿರಿಯ ನಾಗರಿಕರ ಆರೈಕೆ ಕೇಂದ್ರಗಳಿಗೆ 416 ಲಕ್ಷ ರೂ. ಹಾಗೂ ವಯೋಸಹಜ ಚಟುವಟಿಕೆ ಕೇಂದ್ರಗಳ ಸ್ಥಾಪನೆಗೆ 15 ಲಕ್ಷ ರೂ. ಮೀಸಲಿಡಲಾಗಿದೆ.
